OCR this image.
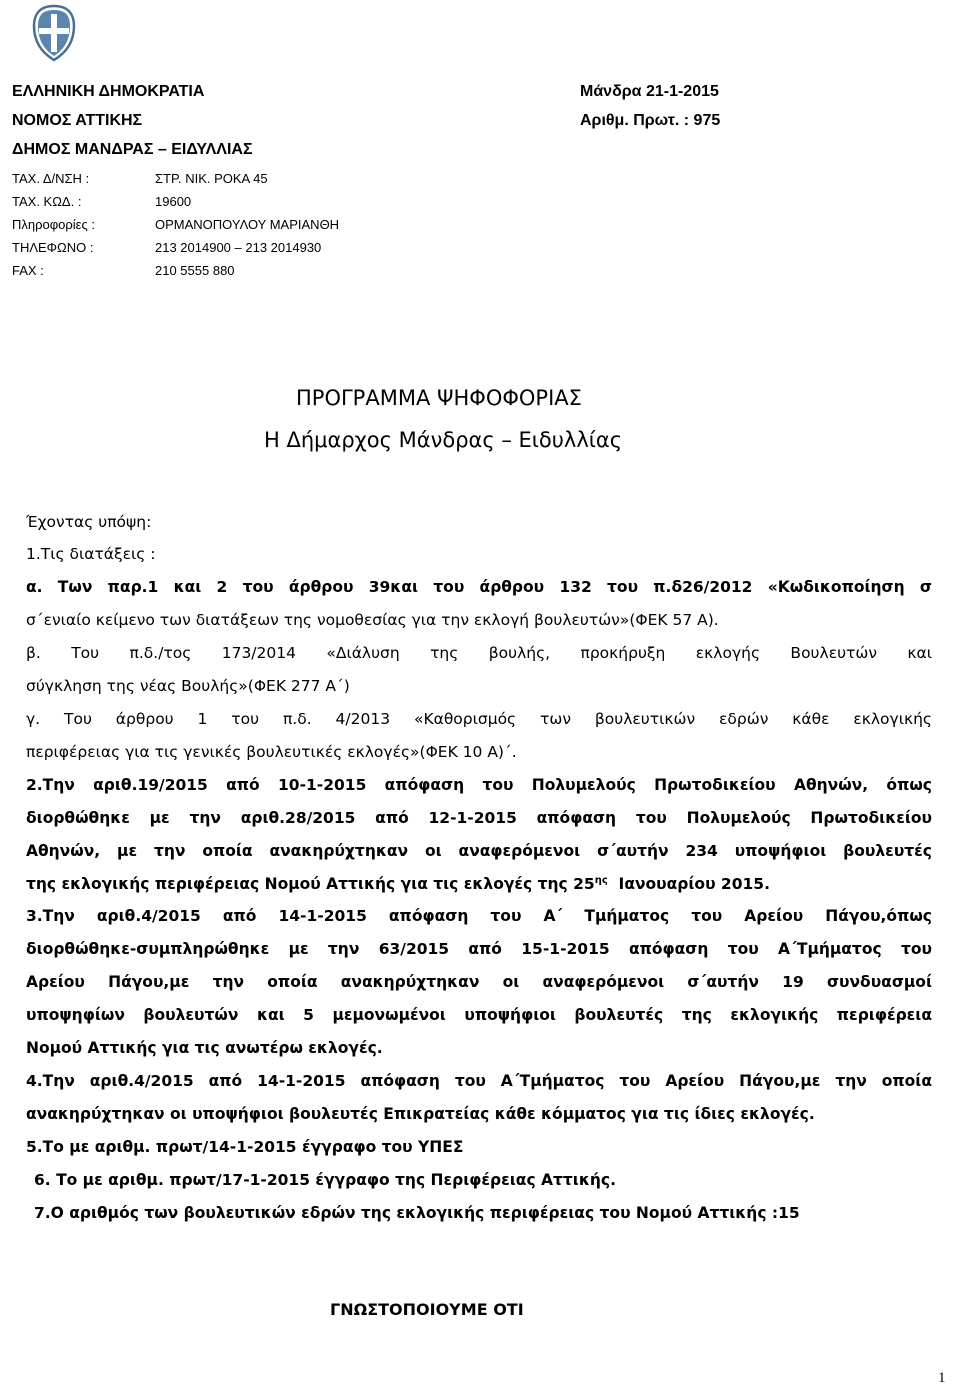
ΕΛΛΗΝΙΚΗ ΔΗΜΟΚΡΑΤΙΑ
ΝΟΜΟΣ ΑΤΤΙΚΗΣ
ΔΗΜΟΣ ΜΑΝΔΡΑΣ – ΕΙΔΥΛΛΙΑΣ
Μάνδρα 21-1-2015
Αριθμ. Πρωτ. : 975
ΤΑΧ. Δ/ΝΣΗ :	ΣΤΡ. ΝΙΚ. ΡΟΚΑ 45
ΤΑΧ. ΚΩΔ. :	19600
Πληροφορίες :	ΟΡΜΑΝΟΠΟΥΛΟΥ ΜΑΡΙΑΝΘΗ
ΤΗΛΕΦΩΝΟ :	213 2014900 – 213 2014930
FAX :	210 5555 880
ΠΡΟΓΡΑΜΜΑ ΨΗΦΟΦΟΡΙΑΣ
Η Δήμαρχος Μάνδρας – Ειδυλλίας
Έχοντας υπόψη:
1.Τις διατάξεις :
α. Των παρ.1 και 2 του άρθρου 39και του άρθρου 132 του π.δ26/2012 «Κωδικοποίηση σ
σ΄ενιαίο κείμενο των διατάξεων της νομοθεσίας για την εκλογή βουλευτών»(ΦΕΚ 57 Α).
β. Του π.δ./τος 173/2014 «Διάλυση της βουλής, προκήρυξη εκλογής Βουλευτών και
σύγκληση της νέας Βουλής»(ΦΕΚ 277 Α΄)
γ. Του άρθρου 1 του π.δ. 4/2013 «Καθορισμός των βουλευτικών εδρών κάθε εκλογικής
περιφέρειας για τις γενικές βουλευτικές εκλογές»(ΦΕΚ 10 Α)΄.
2.Την αριθ.19/2015 από 10-1-2015 απόφαση του Πολυμελούς Πρωτοδικείου Αθηνών, όπως
διορθώθηκε με την αριθ.28/2015 από 12-1-2015 απόφαση του Πολυμελούς Πρωτοδικείου
Αθηνών, με την οποία ανακηρύχτηκαν οι αναφερόμενοι σ΄αυτήν 234 υποψήφιοι βουλευτές
της εκλογικής περιφέρειας Νομού Αττικής για τις εκλογές της $25^{\eta\varsigma}$ Ιανουαρίου 2015.
3.Την αριθ.4/2015 από 14-1-2015 απόφαση του Α΄ Τμήματος του Αρείου Πάγου,όπως
διορθώθηκε-συμπληρώθηκε με την 63/2015 από 15-1-2015 απόφαση του Α΄Τμήματος του
Αρείου Πάγου,με την οποία ανακηρύχτηκαν οι αναφερόμενοι σ΄αυτήν 19 συνδυασμοί
υποψηφίων βουλευτών και 5 μεμονωμένοι υποψήφιοι βουλευτές της εκλογικής περιφέρεια
Νομού Αττικής για τις ανωτέρω εκλογές.
4.Την αριθ.4/2015 από 14-1-2015 απόφαση του Α΄Τμήματος του Αρείου Πάγου,με την οποία
ανακηρύχτηκαν οι υποψήφιοι βουλευτές Επικρατείας κάθε κόμματος για τις ίδιες εκλογές.
5.Το με αριθμ. πρωτ/14-1-2015 έγγραφο του ΥΠΕΣ
6. Το με αριθμ. πρωτ/17-1-2015 έγγραφο της Περιφέρειας Αττικής.
7.Ο αριθμός των βουλευτικών εδρών της εκλογικής περιφέρειας του Νομού Αττικής :15
ΓΝΩΣΤΟΠΟΙΟΥΜΕ ΟΤΙ
1
